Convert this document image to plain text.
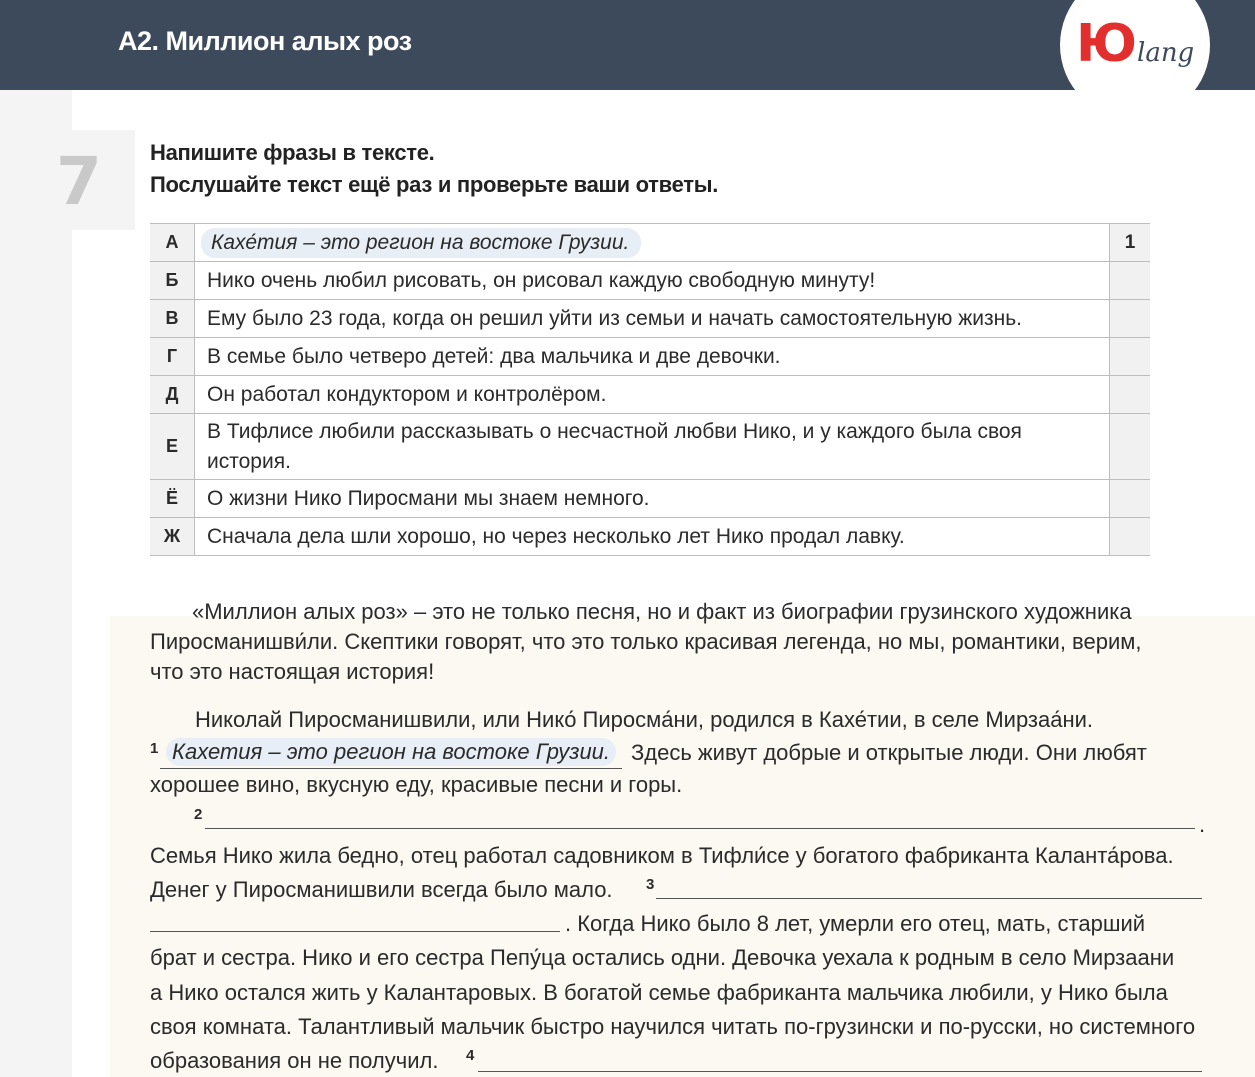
А2. Миллион алых роз	Ю lang
7 Напишите фразы в тексте.
Послушайте текст ещё раз и проверьте ваши ответы.
А	Кахе́тия – это регион на востоке Грузии.	1
Б	Нико очень любил рисовать, он рисовал каждую свободную минуту!	
В	Ему было 23 года, когда он решил уйти из семьи и начать самостоятельную жизнь.	
Г	В семье было четверо детей: два мальчика и две девочки.	
Д	Он работал кондуктором и контролёром.	
Е	В Тифлисе любили рассказывать о несчастной любви Нико, и у каждого была своя история.	
Ё	О жизни Нико Пиросмани мы знаем немного.	
Ж	Сначала дела шли хорошо, но через несколько лет Нико продал лавку.	
«Миллион алых роз» – это не только песня, но и факт из биографии грузинского художника
Пиросманишви́ли. Скептики говорят, что это только красивая легенда, но мы, романтики, верим,
что это настоящая история!
Николай Пиросманишвили, или Нико́ Пиросма́ни, родился в Кахе́тии, в селе Мирзаа́ни.
1 Кахетия – это регион на востоке Грузии. Здесь живут добрые и открытые люди. Они любят
хорошее вино, вкусную еду, красивые песни и горы.
2	.
Семья Нико жила бедно, отец работал садовником в Тифли́се у богатого фабриканта Каланта́рова.
Денег у Пиросманишвили всегда было мало.	3
. Когда Нико было 8 лет, умерли его отец, мать, старший
брат и сестра. Нико и его сестра Пепу́ца остались одни. Девочка уехала к родным в село Мирзаани
а Нико остался жить у Калантаровых. В богатой семье фабриканта мальчика любили, у Нико была
своя комната. Талантливый мальчик быстро научился читать по-грузински и по-русски, но системного
образования он не получил.	4
